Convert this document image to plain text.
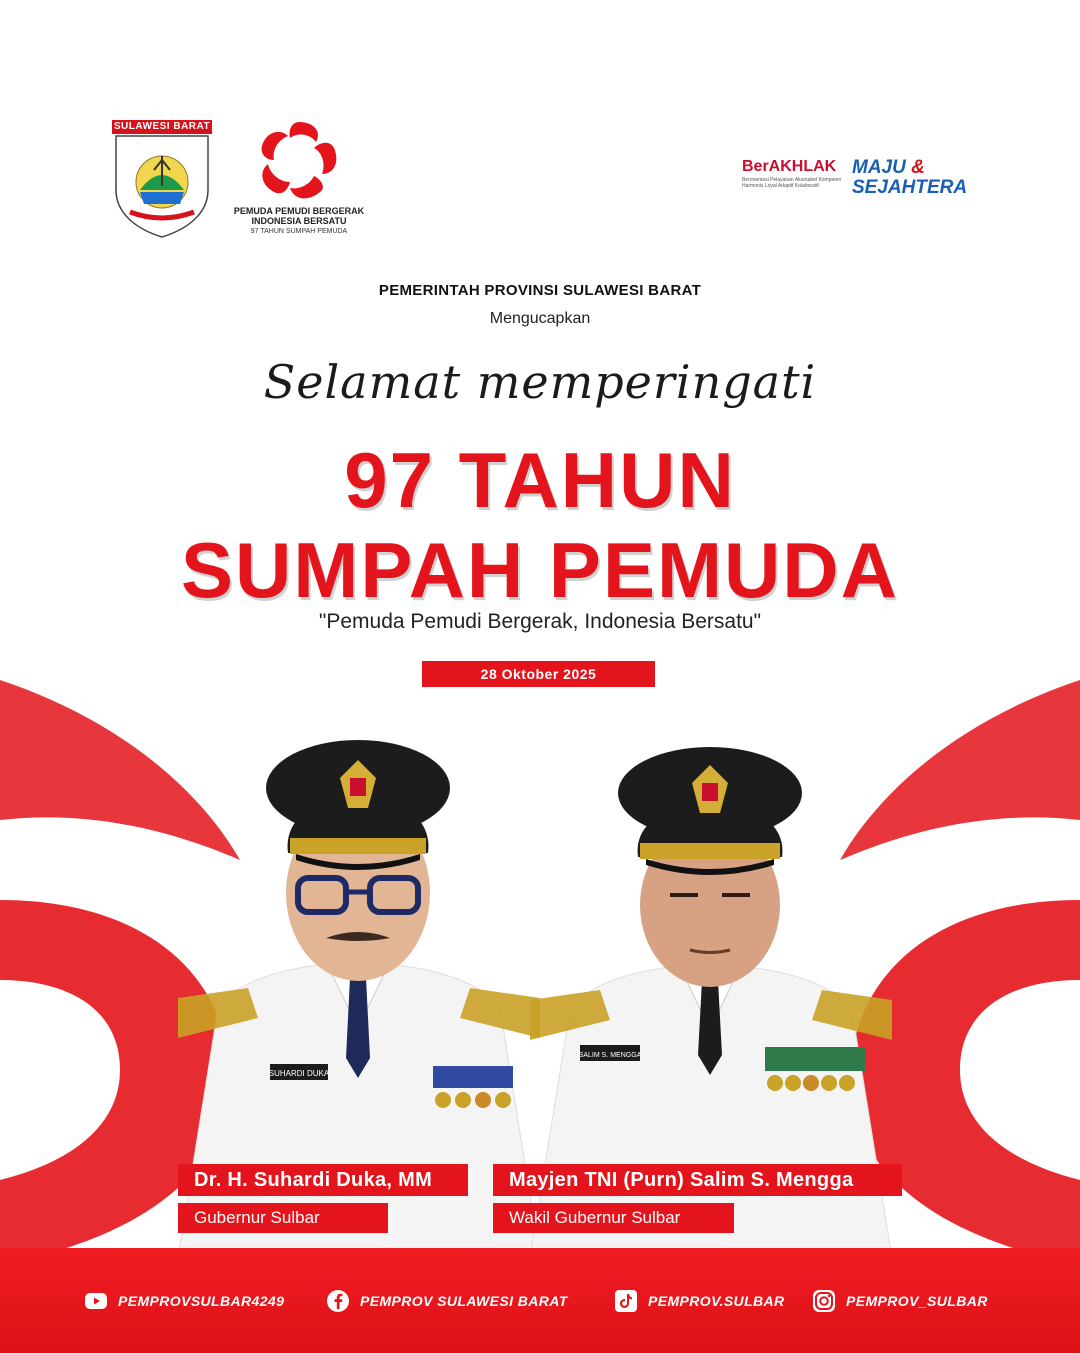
SULAWESI BARAT
PEMUDA PEMUDI BERGERAK
INDONESIA BERSATU
97 TAHUN SUMPAH PEMUDA
BerAKHLAK
Berorientasi Pelayanan Akuntabel Kompeten Harmonis Loyal Adaptif Kolaboratif
MAJU &
SEJAHTERA
PEMERINTAH PROVINSI SULAWESI BARAT
Mengucapkan
Selamat memperingati
97 TAHUN
SUMPAH PEMUDA
"Pemuda Pemudi Bergerak, Indonesia Bersatu"
28 Oktober 2025
SUHARDI DUKA
SALIM S. MENGGA
Dr. H. Suhardi Duka, MM
Gubernur Sulbar
Mayjen TNI (Purn) Salim S. Mengga
Wakil Gubernur Sulbar
PEMPROVSULBAR4249	PEMPROV SULAWESI BARAT	PEMPROV.SULBAR	PEMPROV_SULBAR
